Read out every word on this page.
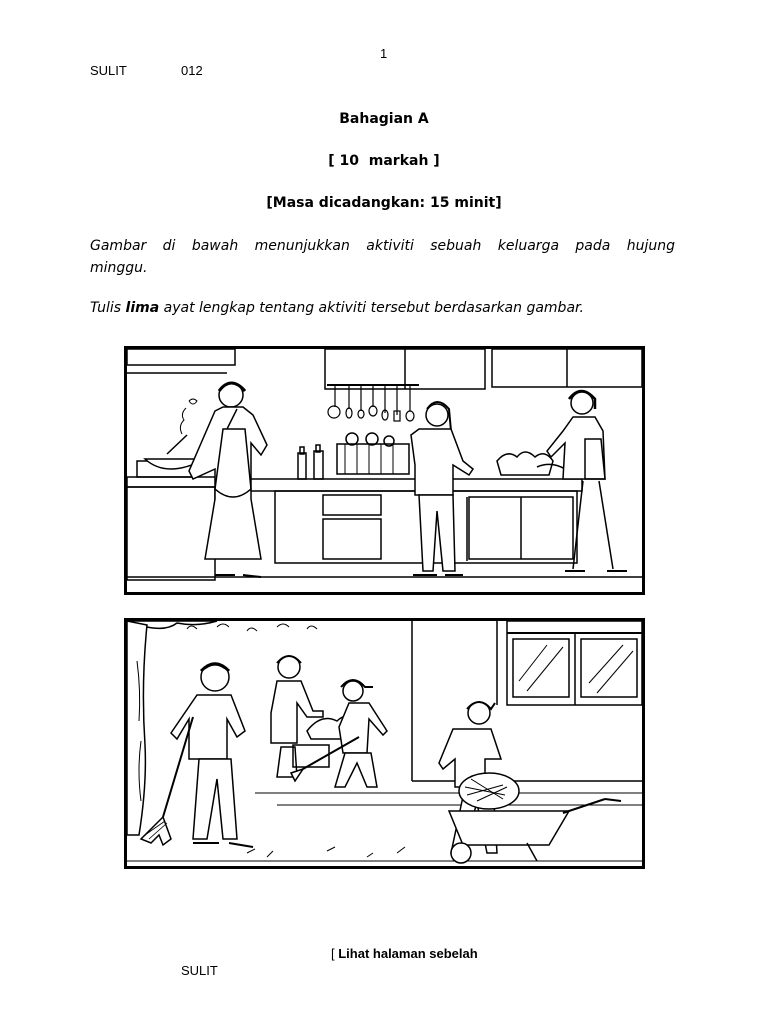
1
SULIT	012
Bahagian A
[ 10  markah ]
[Masa dicadangkan: 15 minit]
Gambar di bawah menunjukkan aktiviti sebuah keluarga pada hujung
minggu.
Tulis lima ayat lengkap tentang aktiviti tersebut berdasarkan gambar.
[ Lihat halaman sebelah
SULIT
